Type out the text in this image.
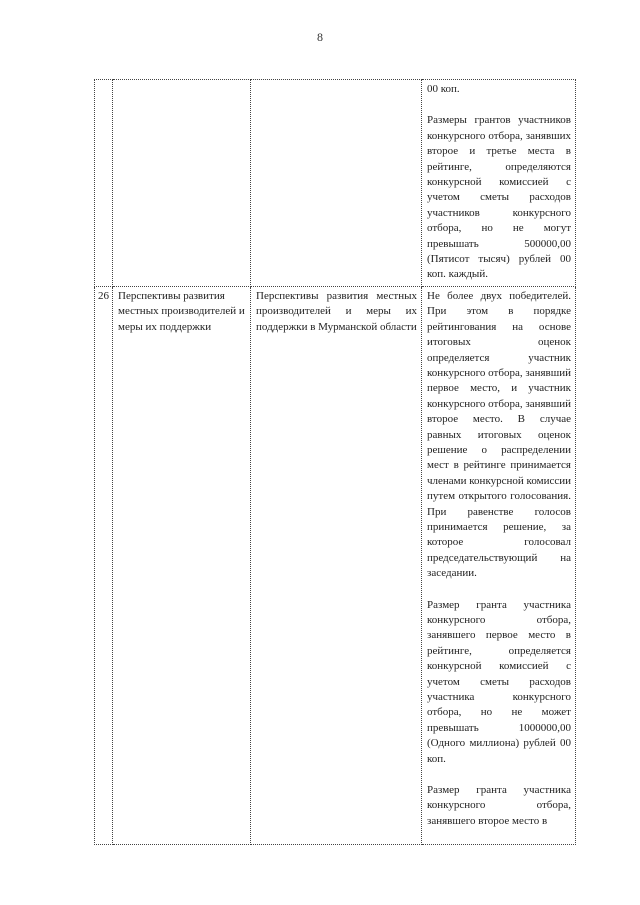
8

			00 коп.
Размеры грантов участников конкурсного отбора, занявших второе и третье места в рейтинге, определяются конкурсной комиссией с учетом сметы расходов участников конкурсного отбора, но не могут превышать 500000,00 (Пятисот тысяч) рублей 00 коп. каждый.

26	Перспективы развития местных производителей и меры их поддержки	Перспективы развития местных производителей и меры их поддержки в Мурманской области	Не более двух победителей. При этом в порядке рейтингования на основе итоговых оценок определяется участник конкурсного отбора, занявший первое место, и участник конкурсного отбора, занявший второе место. В случае равных итоговых оценок решение о распределении мест в рейтинге принимается членами конкурсной комиссии путем открытого голосования. При равенстве голосов принимается решение, за которое голосовал председательствующий на заседании.
Размер гранта участника конкурсного отбора, занявшего первое место в рейтинге, определяется конкурсной комиссией с учетом сметы расходов участника конкурсного отбора, но не может превышать 1000000,00 (Одного миллиона) рублей 00 коп.
Размер гранта участника конкурсного отбора, занявшего второе место в
